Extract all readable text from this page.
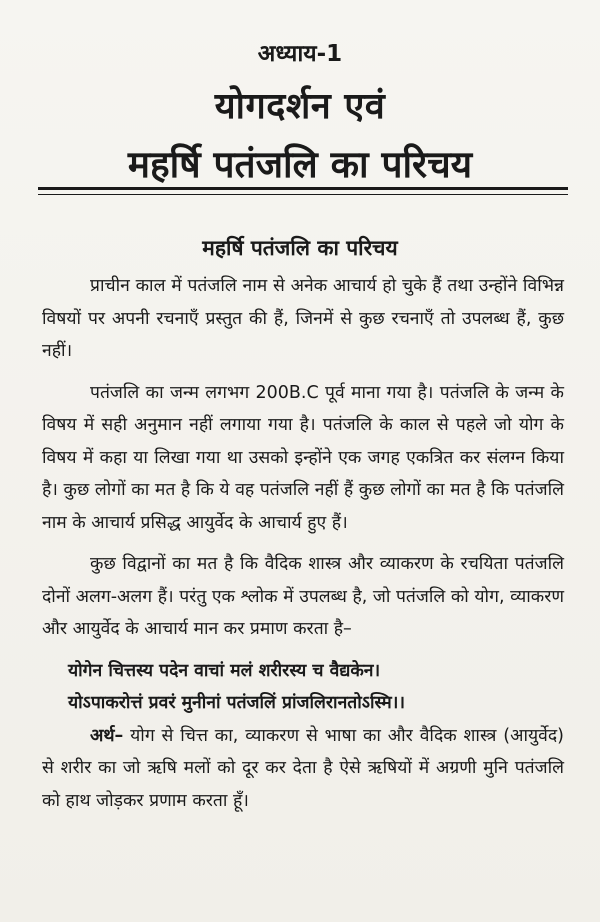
अध्याय-1
योगदर्शन एवं
महर्षि पतंजलि का परिचय
महर्षि पतंजलि का परिचय

प्राचीन काल में पतंजलि नाम से अनेक आचार्य हो चुके हैं तथा उन्होंने विभिन्न विषयों पर अपनी रचनाएँ प्रस्तुत की हैं, जिनमें से कुछ रचनाएँ तो उपलब्ध हैं, कुछ नहीं।

पतंजलि का जन्म लगभग 200B.C पूर्व माना गया है। पतंजलि के जन्म के विषय में सही अनुमान नहीं लगाया गया है। पतंजलि के काल से पहले जो योग के विषय में कहा या लिखा गया था उसको इन्होंने एक जगह एकत्रित कर संलग्न किया है। कुछ लोगों का मत है कि ये वह पतंजलि नहीं हैं कुछ लोगों का मत है कि पतंजलि नाम के आचार्य प्रसिद्ध आयुर्वेद के आचार्य हुए हैं।

कुछ विद्वानों का मत है कि वैदिक शास्त्र और व्याकरण के रचयिता पतंजलि दोनों अलग-अलग हैं। परंतु एक श्लोक में उपलब्ध है, जो पतंजलि को योग, व्याकरण और आयुर्वेद के आचार्य मान कर प्रमाण करता है–

योगेन चित्तस्य पदेन वाचां मलं शरीरस्य च वैद्यकेन।
योऽपाकरोत्तं प्रवरं मुनीनां पतंजलिं प्रांजलिरानतोऽस्मि।।

अर्थ– योग से चित्त का, व्याकरण से भाषा का और वैदिक शास्त्र (आयुर्वेद) से शरीर का जो ऋषि मलों को दूर कर देता है ऐसे ऋषियों में अग्रणी मुनि पतंजलि को हाथ जोड़कर प्रणाम करता हूँ।
